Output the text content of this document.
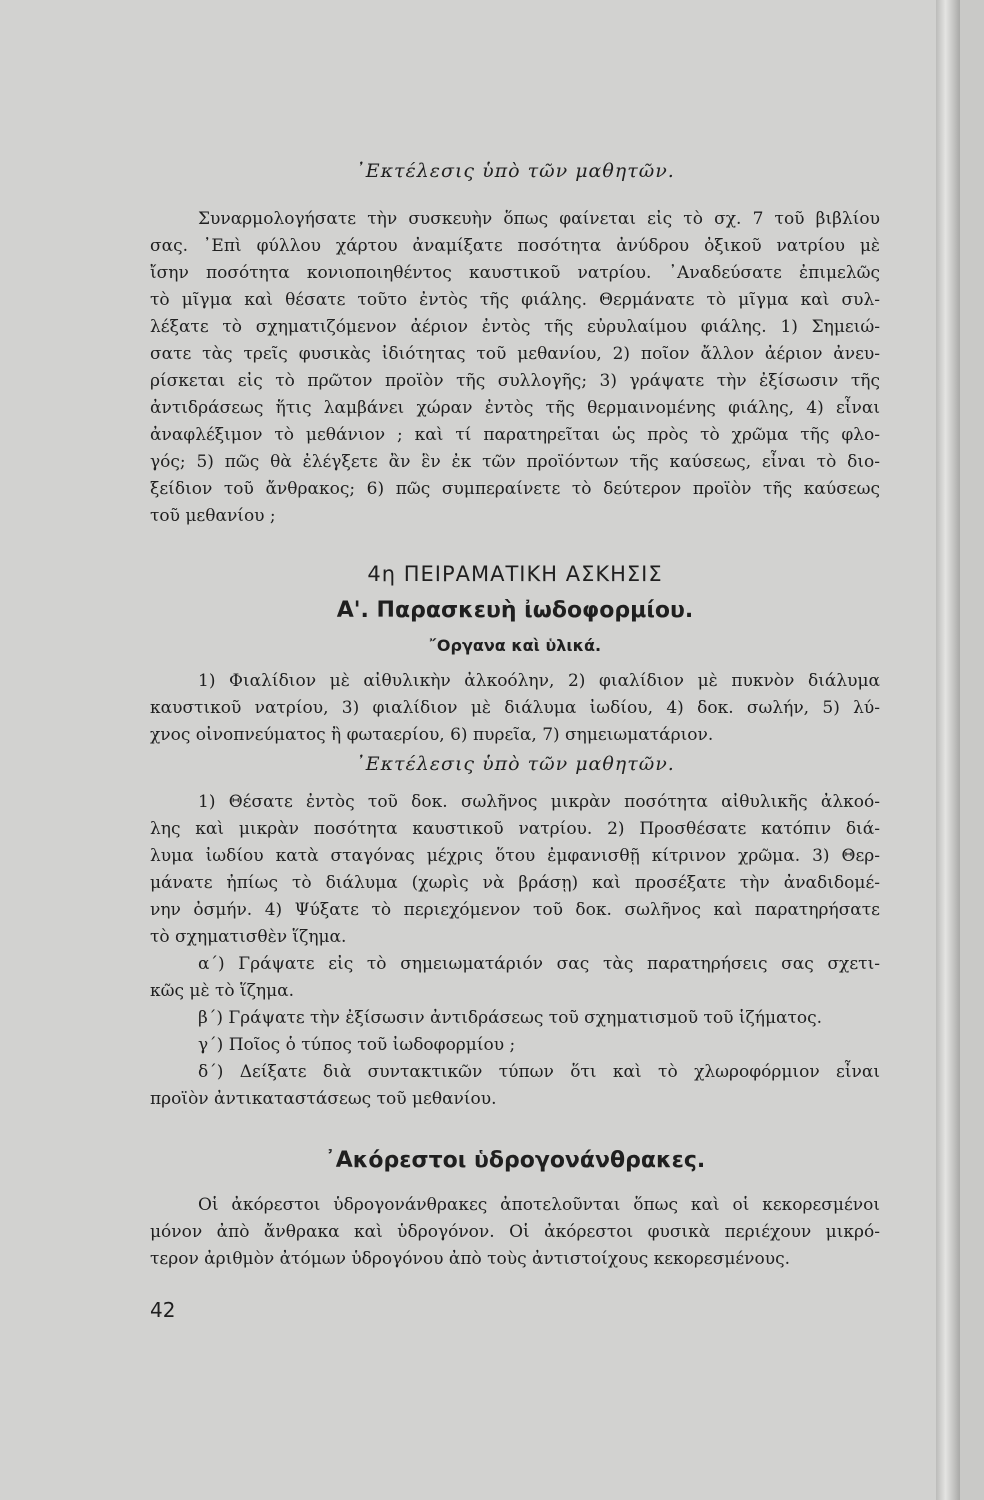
᾿Εκτέλεσις ὑπὸ τῶν μαθητῶν.

Συναρμολογήσατε τὴν συσκευὴν ὅπως φαίνεται εἰς τὸ σχ. 7 τοῦ βιβλίου

σας. ᾿Επὶ φύλλου χάρτου ἀναμίξατε ποσότητα ἀνύδρου ὀξικοῦ νατρίου μὲ

ἴσην ποσότητα κονιοποιηθέντος καυστικοῦ νατρίου. ᾿Αναδεύσατε ἐπιμελῶς

τὸ μῖγμα καὶ θέσατε τοῦτο ἐντὸς τῆς φιάλης. Θερμάνατε τὸ μῖγμα καὶ συλ-

λέξατε τὸ σχηματιζόμενον ἀέριον ἐντὸς τῆς εὐρυλαίμου φιάλης. 1) Σημειώ-

σατε τὰς τρεῖς φυσικὰς ἰδιότητας τοῦ μεθανίου, 2) ποῖον ἄλλον ἀέριον ἀνευ-

ρίσκεται εἰς τὸ πρῶτον προϊὸν τῆς συλλογῆς; 3) γράψατε τὴν ἐξίσωσιν τῆς

ἀντιδράσεως ἥτις λαμβάνει χώραν ἐντὸς τῆς θερμαινομένης φιάλης, 4) εἶναι

ἀναφλέξιμον τὸ μεθάνιον ; καὶ τί παρατηρεῖται ὡς πρὸς τὸ χρῶμα τῆς φλο-

γός; 5) πῶς θὰ ἐλέγξετε ἂν ἓν ἐκ τῶν προϊόντων τῆς καύσεως, εἶναι τὸ διο-

ξείδιον τοῦ ἄνθρακος; 6) πῶς συμπεραίνετε τὸ δεύτερον προϊὸν τῆς καύσεως

τοῦ μεθανίου ;

4η ΠΕΙΡΑΜΑΤΙΚΗ ΑΣΚΗΣΙΣ

Α'. Παρασκευὴ ἰωδοφορμίου.

῎Οργανα καὶ ὑλικά.

1) Φιαλίδιον μὲ αἰθυλικὴν ἀλκοόλην, 2) φιαλίδιον μὲ πυκνὸν διάλυμα

καυστικοῦ νατρίου, 3) φιαλίδιον μὲ διάλυμα ἰωδίου, 4) δοκ. σωλήν, 5) λύ-

χνος οἰνοπνεύματος ἢ φωταερίου, 6) πυρεῖα, 7) σημειωματάριον.

᾿Εκτέλεσις ὑπὸ τῶν μαθητῶν.

1) Θέσατε ἐντὸς τοῦ δοκ. σωλῆνος μικρὰν ποσότητα αἰθυλικῆς ἀλκοό-

λης καὶ μικρὰν ποσότητα καυστικοῦ νατρίου. 2) Προσθέσατε κατόπιν διά-

λυμα ἰωδίου κατὰ σταγόνας μέχρις ὅτου ἐμφανισθῇ κίτρινον χρῶμα. 3) Θερ-

μάνατε ἠπίως τὸ διάλυμα (χωρὶς νὰ βράσῃ) καὶ προσέξατε τὴν ἀναδιδομέ-

νην ὀσμήν. 4) Ψύξατε τὸ περιεχόμενον τοῦ δοκ. σωλῆνος καὶ παρατηρήσατε

τὸ σχηματισθὲν ἵζημα.

α΄) Γράψατε εἰς τὸ σημειωματάριόν σας τὰς παρατηρήσεις σας σχετι-

κῶς μὲ τὸ ἵζημα.

β΄) Γράψατε τὴν ἐξίσωσιν ἀντιδράσεως τοῦ σχηματισμοῦ τοῦ ἱζήματος.

γ΄) Ποῖος ὁ τύπος τοῦ ἰωδοφορμίου ;

δ΄) Δείξατε διὰ συντακτικῶν τύπων ὅτι καὶ τὸ χλωροφόρμιον εἶναι

προϊὸν ἀντικαταστάσεως τοῦ μεθανίου.

᾿Ακόρεστοι ὑδρογονάνθρακες.

Οἱ ἀκόρεστοι ὑδρογονάνθρακες ἀποτελοῦνται ὅπως καὶ οἱ κεκορεσμένοι

μόνον ἀπὸ ἄνθρακα καὶ ὑδρογόνον. Οἱ ἀκόρεστοι φυσικὰ περιέχουν μικρό-

τερον ἀριθμὸν ἀτόμων ὑδρογόνου ἀπὸ τοὺς ἀντιστοίχους κεκορεσμένους.

42
